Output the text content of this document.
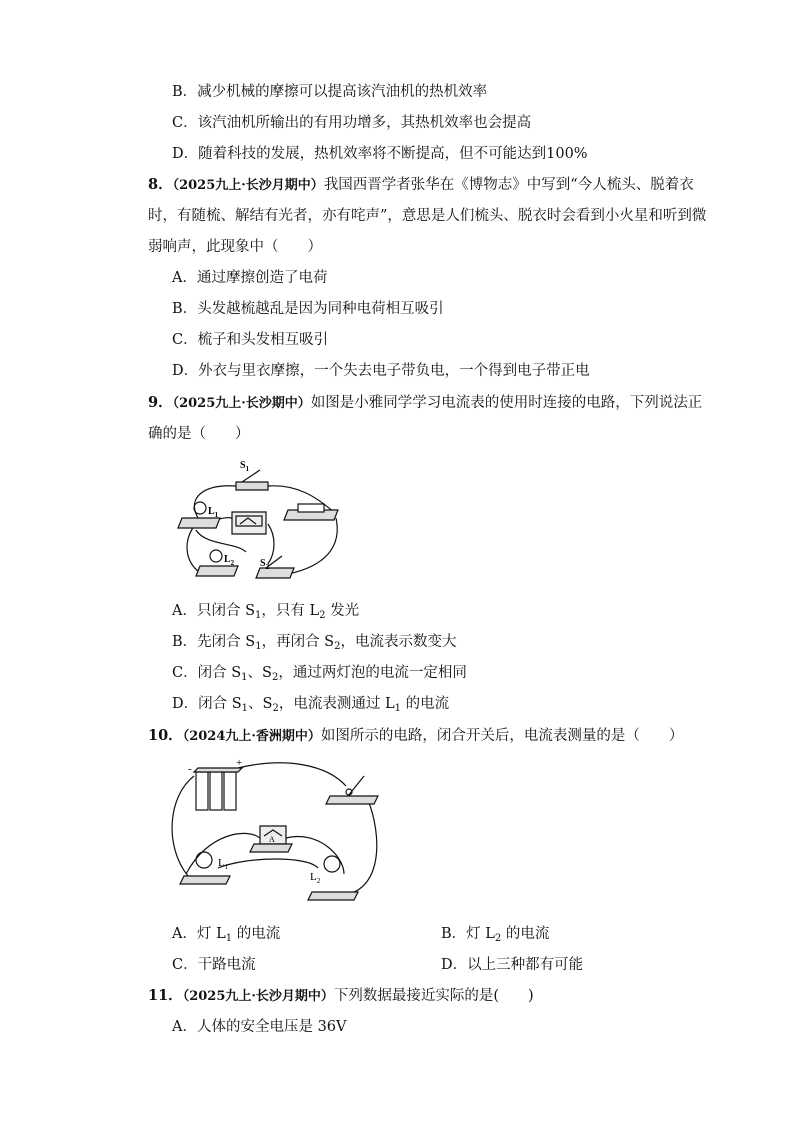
B．减少机械的摩擦可以提高该汽油机的热机效率
C．该汽油机所输出的有用功增多，其热机效率也会提高
D．随着科技的发展，热机效率将不断提高，但不可能达到100%
8．（2025九上·长沙月期中）我国西晋学者张华在《博物志》中写到“今人梳头、脱着衣
时，有随梳、解结有光者，亦有咤声”，意思是人们梳头、脱衣时会看到小火星和听到微
弱响声，此现象中（　　）
A．通过摩擦创造了电荷
B．头发越梳越乱是因为同种电荷相互吸引
C．梳子和头发相互吸引
D．外衣与里衣摩擦，一个失去电子带负电，一个得到电子带正电
9．（2025九上·长沙期中）如图是小雅同学学习电流表的使用时连接的电路，下列说法正
确的是（　　）
$S_1$
$L_1$
$L_2$	$S_2$
A．只闭合 $S_1$，只有 $L_2$ 发光
B．先闭合 $S_1$，再闭合 $S_2$，电流表示数变大
C．闭合 $S_1$、$S_2$，通过两灯泡的电流一定相同
D．闭合 $S_1$、$S_2$，电流表测通过 $L_1$ 的电流
10．（2024九上·香洲期中）如图所示的电路，闭合开关后，电流表测量的是（　　）
-	+
A
$L_1$
$L_2$
A．灯 $L_1$ 的电流	B．灯 $L_2$ 的电流
C．干路电流	D．以上三种都有可能
11．（2025九上·长沙月期中）下列数据最接近实际的是(　　)
A．人体的安全电压是 36V
